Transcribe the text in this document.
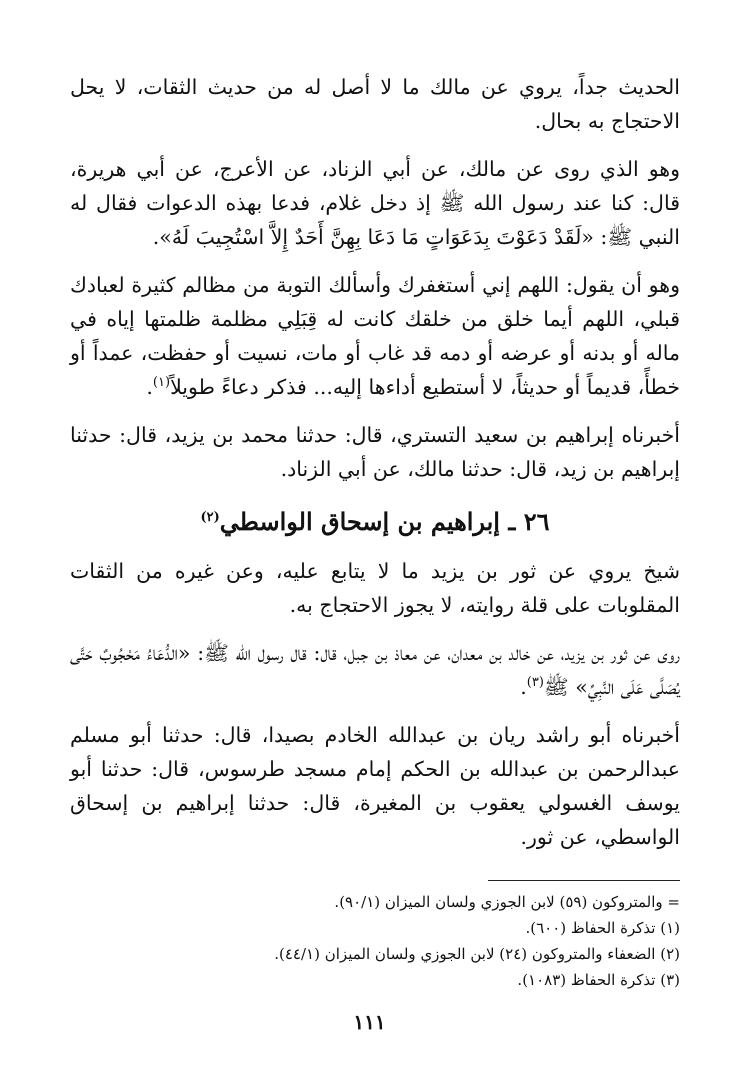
الحديث جداً، يروي عن مالك ما لا أصل له من حديث الثقات، لا يحل الاحتجاج به بحال.

وهو الذي روى عن مالك، عن أبي الزناد، عن الأعرج، عن أبي هريرة، قال: كنا عند رسول الله ﷺ إذ دخل غلام، فدعا بهذه الدعوات فقال له النبي ﷺ: «لَقَدْ دَعَوْتَ بِدَعَوَاتٍ مَا دَعَا بِهِنَّ أَحَدٌ إِلاَّ اسْتُجِيبَ لَهُ».

وهو أن يقول: اللهم إني أستغفرك وأسألك التوبة من مظالم كثيرة لعبادك قبلي، اللهم أيما خلق من خلقك كانت له قِبَلِي مظلمة ظلمتها إياه في ماله أو بدنه أو عرضه أو دمه قد غاب أو مات، نسيت أو حفظت، عمداً أو خطأً، قديماً أو حديثاً، لا أستطيع أداءها إليه... فذكر دعاءً طويلاً$^{(١)}$.

أخبرناه إبراهيم بن سعيد التستري، قال: حدثنا محمد بن يزيد، قال: حدثنا إبراهيم بن زيد، قال: حدثنا مالك، عن أبي الزناد.

٢٦ ـ إبراهيم بن إسحاق الواسطي$^{(٢)}$

شيخ يروي عن ثور بن يزيد ما لا يتابع عليه، وعن غيره من الثقات المقلوبات على قلة روايته، لا يجوز الاحتجاج به.

روى عن ثور بن يزيد، عن خالد بن معدان، عن معاذ بن جبل، قال: قال رسول الله ﷺ: «الدُّعَاءُ مَحْجُوبٌ حَتَّى يُصَلَّى عَلَى النَّبِيِّ» ﷺ$^{(٣)}$.

أخبرناه أبو راشد ريان بن عبدالله الخادم بصيدا، قال: حدثنا أبو مسلم عبدالرحمن بن عبدالله بن الحكم إمام مسجد طرسوس، قال: حدثنا أبو يوسف الغسولي يعقوب بن المغيرة، قال: حدثنا إبراهيم بن إسحاق الواسطي، عن ثور.

= والمتروكون (٥٩) لابن الجوزي ولسان الميزان (٩٠/١).
(١) تذكرة الحفاظ (٦٠٠).
(٢) الضعفاء والمتروكون (٢٤) لابن الجوزي ولسان الميزان (٤٤/١).
(٣) تذكرة الحفاظ (١٠٨٣).
١١١
